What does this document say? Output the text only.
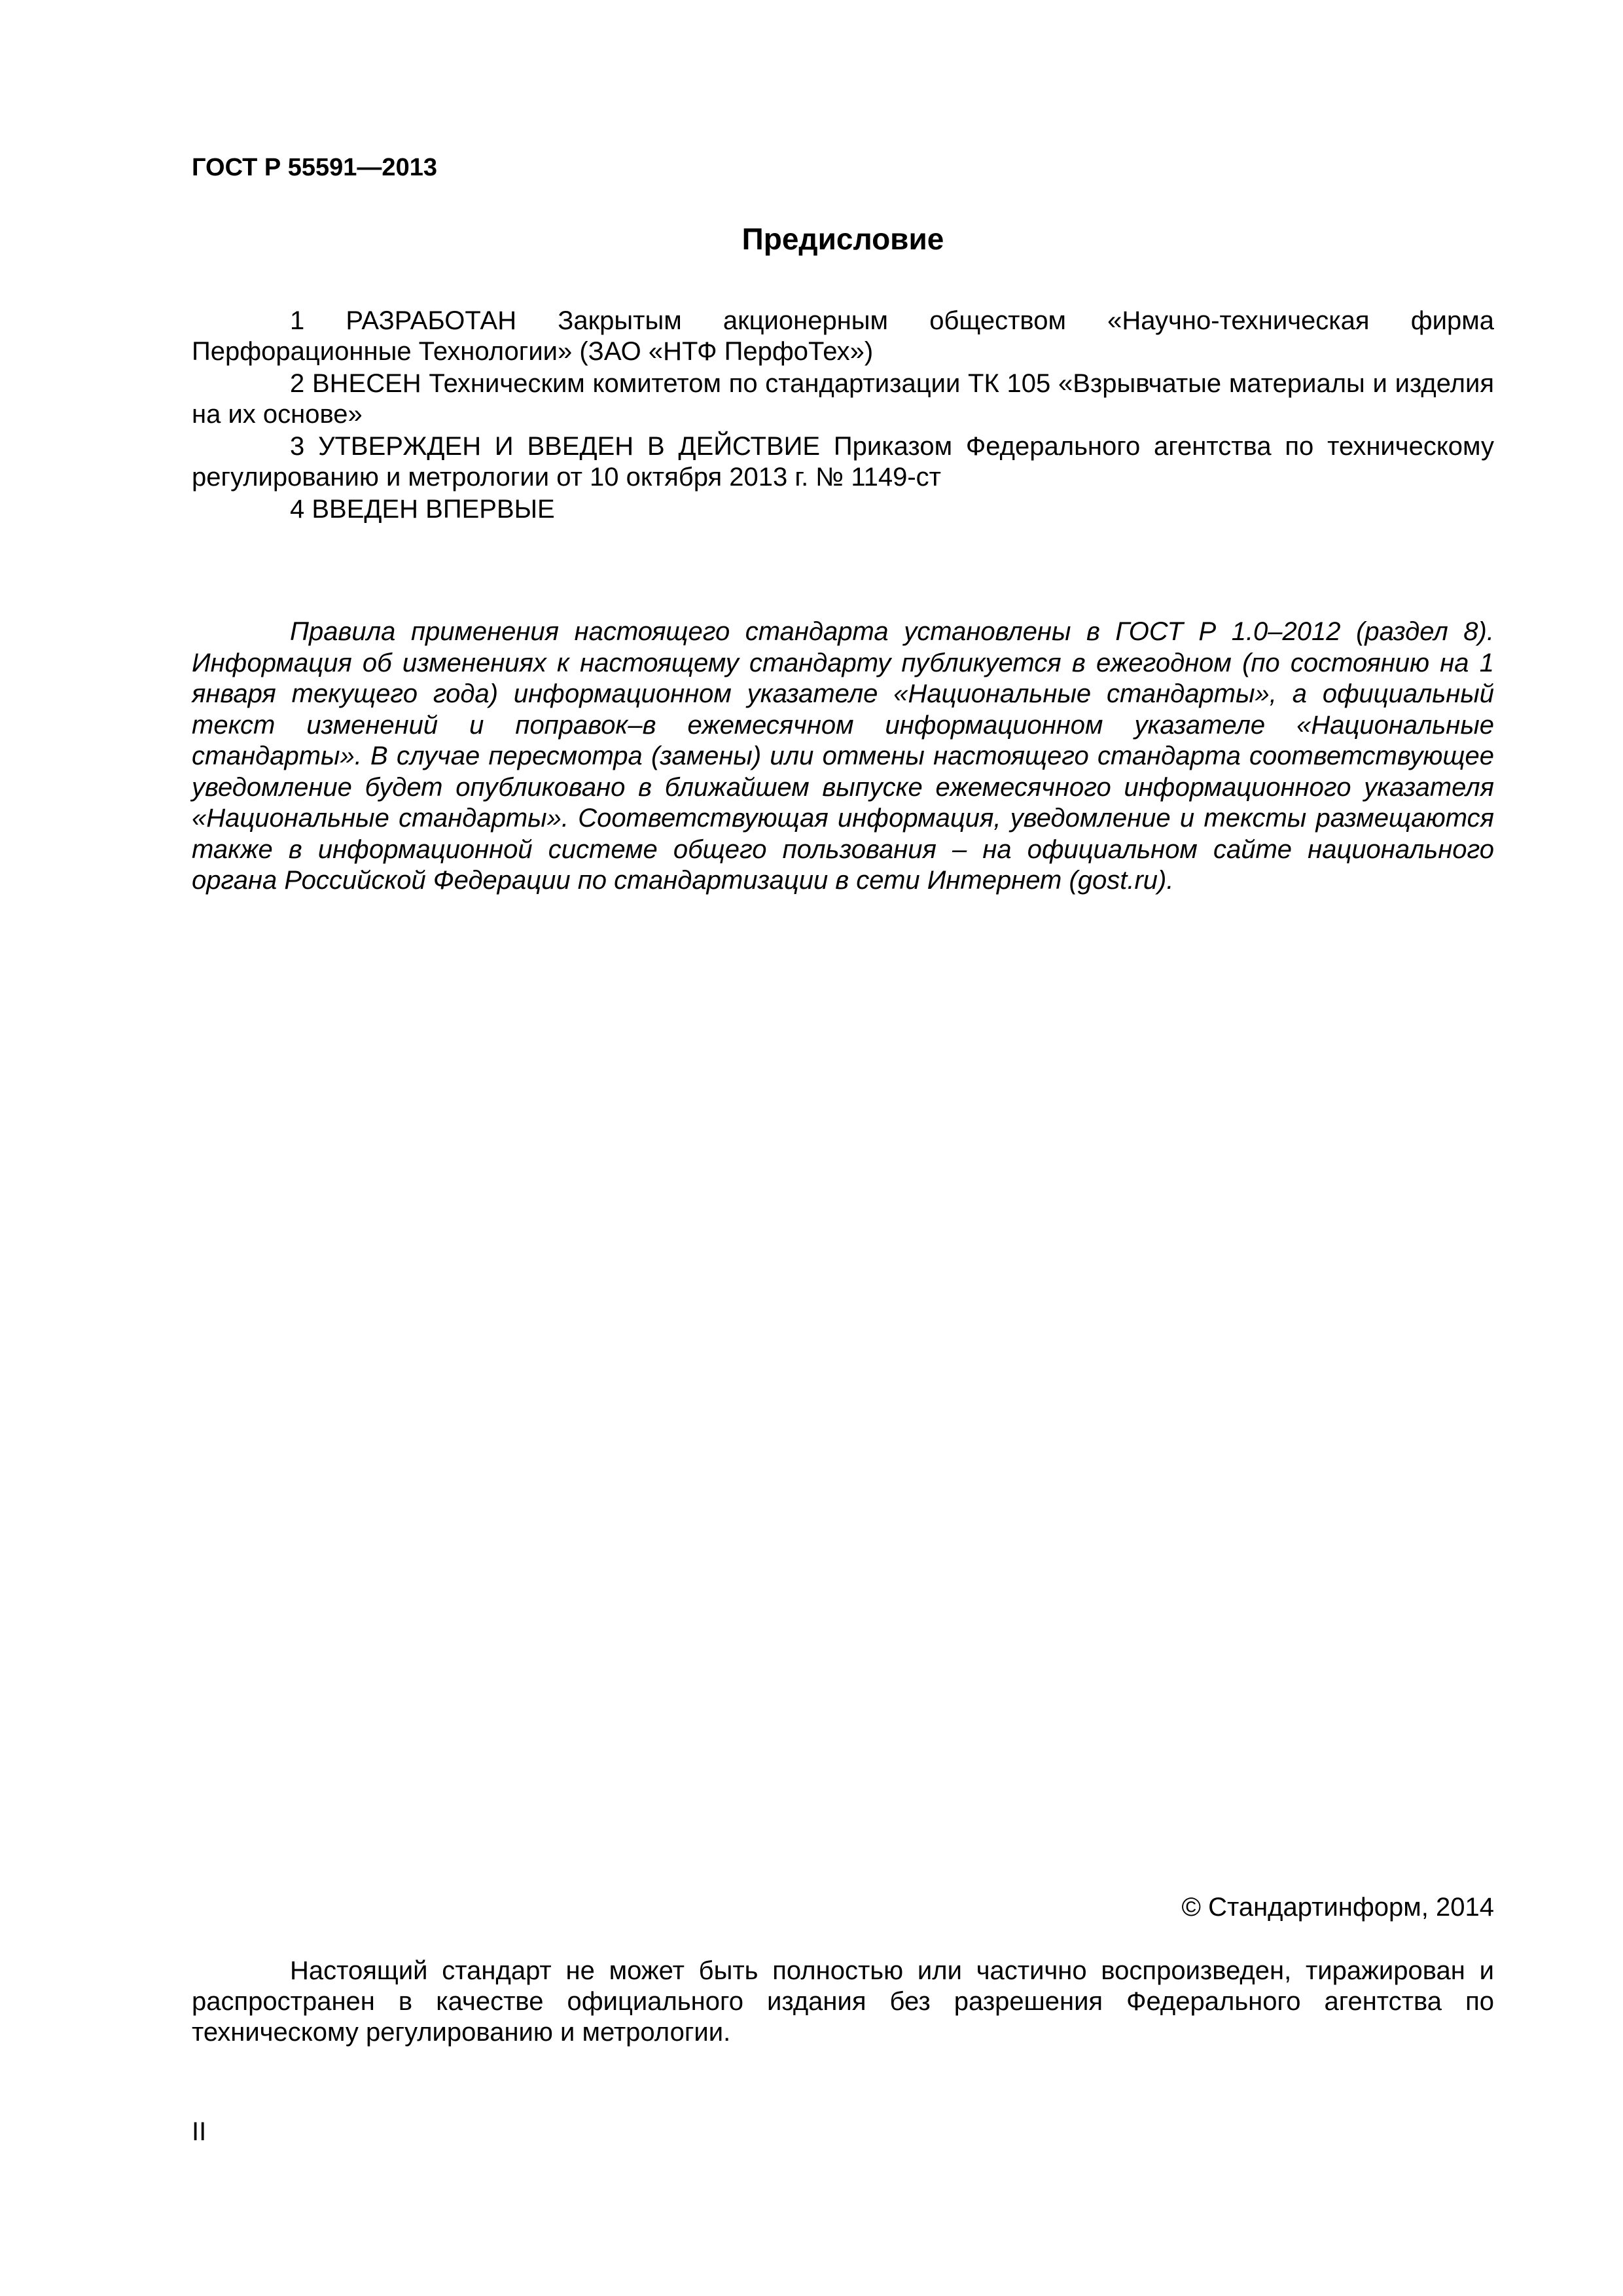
ГОСТ Р 55591—2013
Предисловие

1 РАЗРАБОТАН Закрытым акционерным обществом «Научно-техническая фирма Перфорационные Технологии» (ЗАО «НТФ ПерфоТех»)

2 ВНЕСЕН Техническим комитетом по стандартизации ТК 105 «Взрывчатые материалы и изделия на их основе»

3 УТВЕРЖДЕН И ВВЕДЕН В ДЕЙСТВИЕ Приказом Федерального агентства по техническому регулированию и метрологии от 10 октября 2013 г. № 1149-ст

4 ВВЕДЕН ВПЕРВЫЕ

Правила применения настоящего стандарта установлены в ГОСТ Р 1.0–2012 (раздел 8). Информация об изменениях к настоящему стандарту публикуется в ежегодном (по состоянию на 1 января текущего года) информационном указателе «Национальные стандарты», а официальный текст изменений и поправок–в ежемесячном информационном указателе «Национальные стандарты». В случае пересмотра (замены) или отмены настоящего стандарта соответствующее уведомление будет опубликовано в ближайшем выпуске ежемесячного информационного указателя «Национальные стандарты». Соответствующая информация, уведомление и тексты размещаются также в информационной системе общего пользования – на официальном сайте национального органа Российской Федерации по стандартизации в сети Интернет (gost.ru).

© Стандартинформ, 2014

Настоящий стандарт не может быть полностью или частично воспроизведен, тиражирован и распространен в качестве официального издания без разрешения Федерального агентства по техническому регулированию и метрологии.

II
